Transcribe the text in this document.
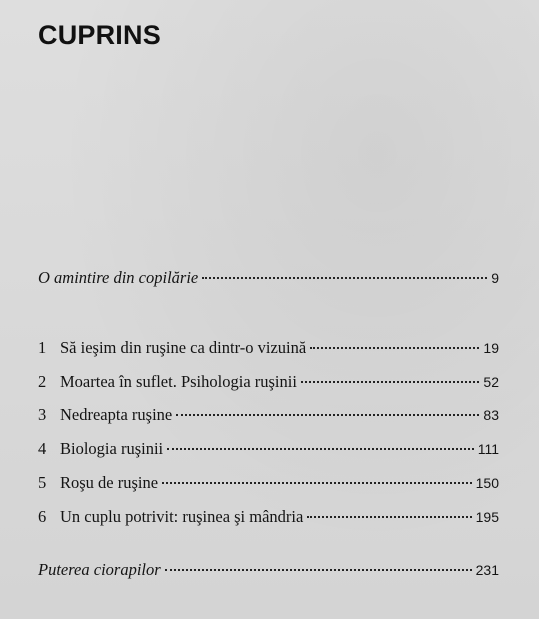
CUPRINS
O amintire din copilărie	9
1 Să ieşim din ruşine ca dintr-o vizuină	19
2 Moartea în suflet. Psihologia ruşinii	52
3 Nedreapta ruşine	83
4 Biologia ruşinii	111
5 Roşu de ruşine	150
6 Un cuplu potrivit: ruşinea şi mândria	195
Puterea ciorapilor	231
